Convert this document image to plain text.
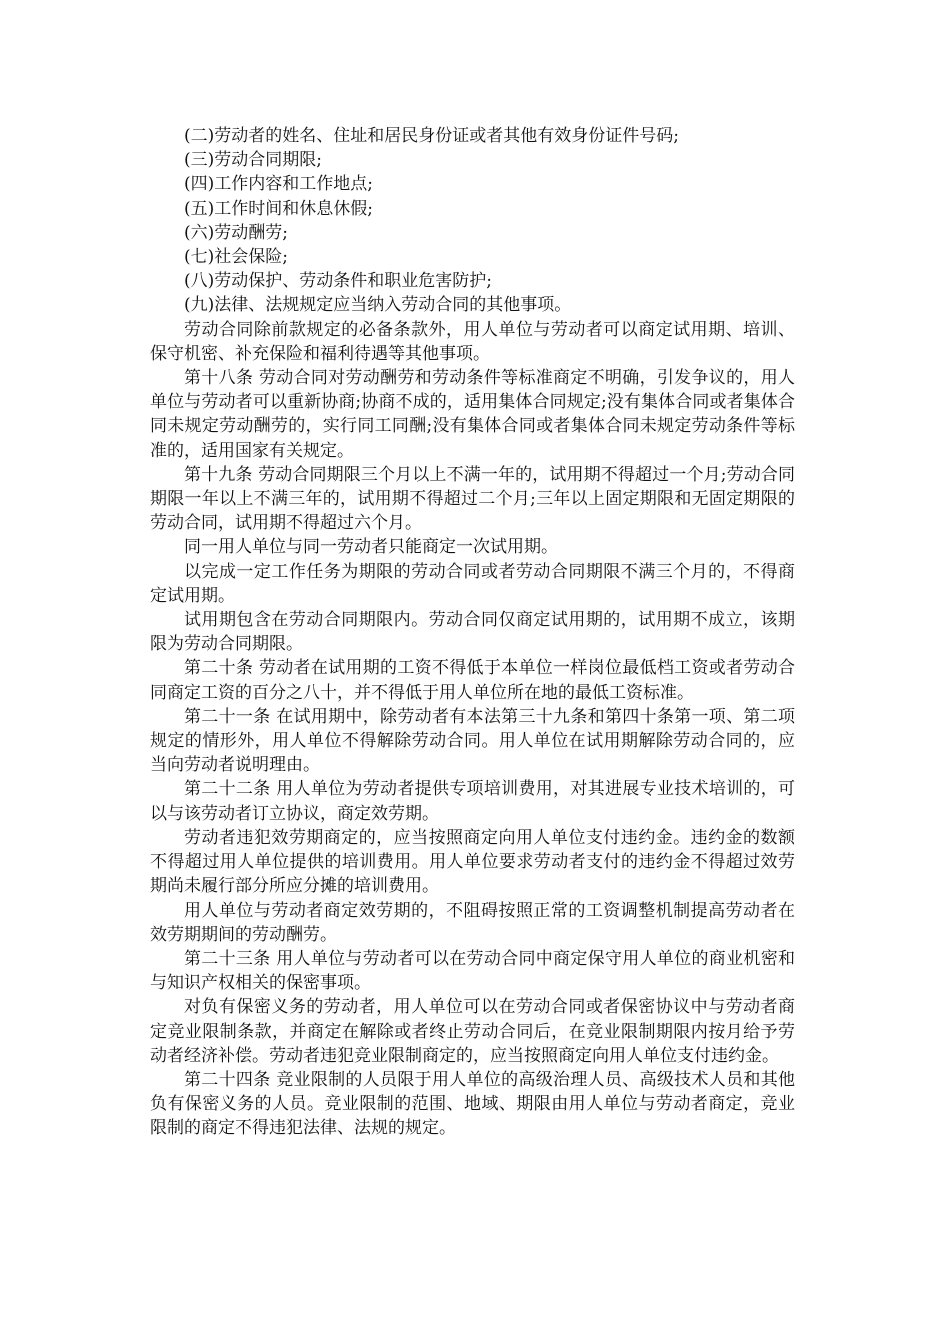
(二)劳动者的姓名、住址和居民身份证或者其他有效身份证件号码;

(三)劳动合同期限;

(四)工作内容和工作地点;

(五)工作时间和休息休假;

(六)劳动酬劳;

(七)社会保险;

(八)劳动保护、劳动条件和职业危害防护;

(九)法律、法规规定应当纳入劳动合同的其他事项。

劳动合同除前款规定的必备条款外，用人单位与劳动者可以商定试用期、培训、保守机密、补充保险和福利待遇等其他事项。

第十八条 劳动合同对劳动酬劳和劳动条件等标准商定不明确，引发争议的，用人单位与劳动者可以重新协商;协商不成的，适用集体合同规定;没有集体合同或者集体合同未规定劳动酬劳的，实行同工同酬;没有集体合同或者集体合同未规定劳动条件等标准的，适用国家有关规定。

第十九条 劳动合同期限三个月以上不满一年的，试用期不得超过一个月;劳动合同期限一年以上不满三年的，试用期不得超过二个月;三年以上固定期限和无固定期限的劳动合同，试用期不得超过六个月。

同一用人单位与同一劳动者只能商定一次试用期。

以完成一定工作任务为期限的劳动合同或者劳动合同期限不满三个月的，不得商定试用期。

试用期包含在劳动合同期限内。劳动合同仅商定试用期的，试用期不成立，该期限为劳动合同期限。

第二十条 劳动者在试用期的工资不得低于本单位一样岗位最低档工资或者劳动合同商定工资的百分之八十，并不得低于用人单位所在地的最低工资标准。

第二十一条 在试用期中，除劳动者有本法第三十九条和第四十条第一项、第二项规定的情形外，用人单位不得解除劳动合同。用人单位在试用期解除劳动合同的，应当向劳动者说明理由。

第二十二条 用人单位为劳动者提供专项培训费用，对其进展专业技术培训的，可以与该劳动者订立协议，商定效劳期。

劳动者违犯效劳期商定的，应当按照商定向用人单位支付违约金。违约金的数额不得超过用人单位提供的培训费用。用人单位要求劳动者支付的违约金不得超过效劳期尚未履行部分所应分摊的培训费用。

用人单位与劳动者商定效劳期的，不阻碍按照正常的工资调整机制提高劳动者在效劳期期间的劳动酬劳。

第二十三条 用人单位与劳动者可以在劳动合同中商定保守用人单位的商业机密和与知识产权相关的保密事项。

对负有保密义务的劳动者，用人单位可以在劳动合同或者保密协议中与劳动者商定竞业限制条款，并商定在解除或者终止劳动合同后，在竞业限制期限内按月给予劳动者经济补偿。劳动者违犯竞业限制商定的，应当按照商定向用人单位支付违约金。

第二十四条 竞业限制的人员限于用人单位的高级治理人员、高级技术人员和其他负有保密义务的人员。竞业限制的范围、地域、期限由用人单位与劳动者商定，竞业限制的商定不得违犯法律、法规的规定。
